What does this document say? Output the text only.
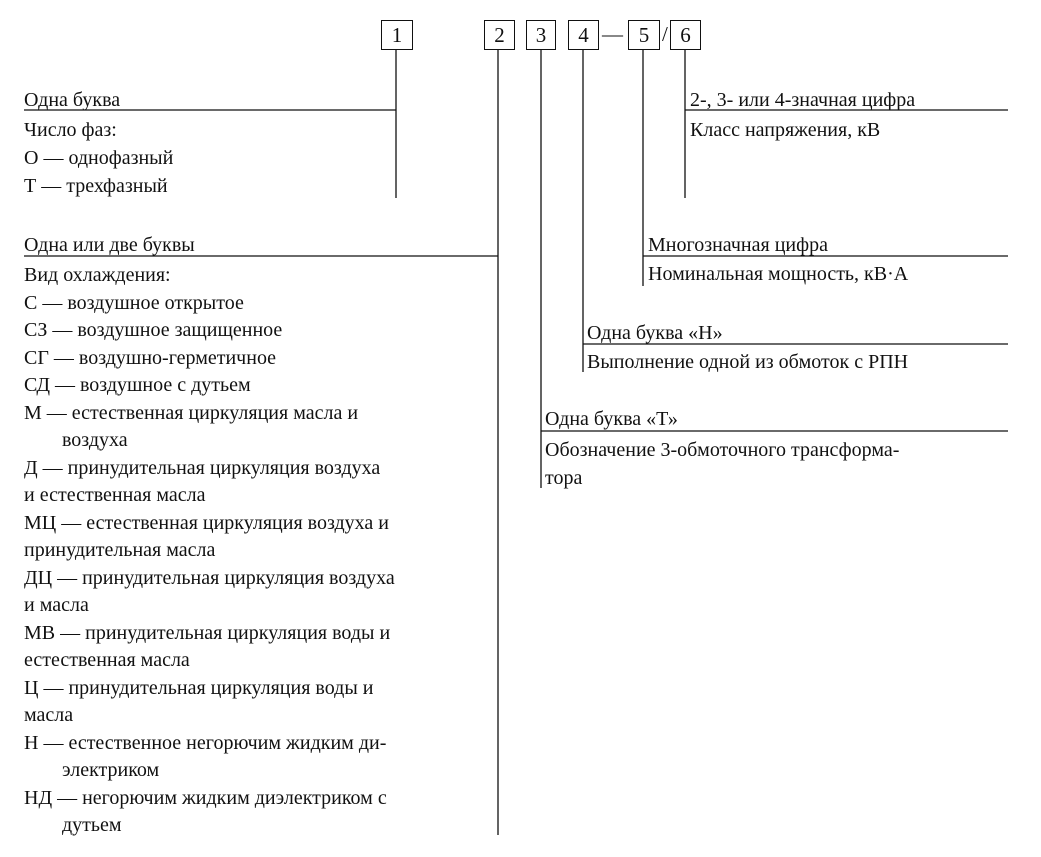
1	2	3	4 — 5 / 6
Одна буква
Число фаз:
О — однофазный
Т — трехфазный
Одна или две буквы
Вид охлаждения:
С — воздушное открытое
СЗ — воздушное защищенное
СГ — воздушно-герметичное
СД — воздушное с дутьем
М — естественная циркуляция масла и
воздуха
Д — принудительная циркуляция воздуха
и естественная масла
МЦ — естественная циркуляция воздуха и
принудительная масла
ДЦ — принудительная циркуляция воздуха
и масла
МВ — принудительная циркуляция воды и
естественная масла
Ц — принудительная циркуляция воды и
масла
Н — естественное негорючим жидким ди-
электриком
НД — негорючим жидким диэлектриком с
дутьем
Одна буква «Т»
Обозначение 3-обмоточного трансформа-
тора
Одна буква «Н»
Выполнение одной из обмоток с РПН
Многозначная цифра
Номинальная мощность, кВ·А
2-, 3- или 4-значная цифра
Класс напряжения, кВ
